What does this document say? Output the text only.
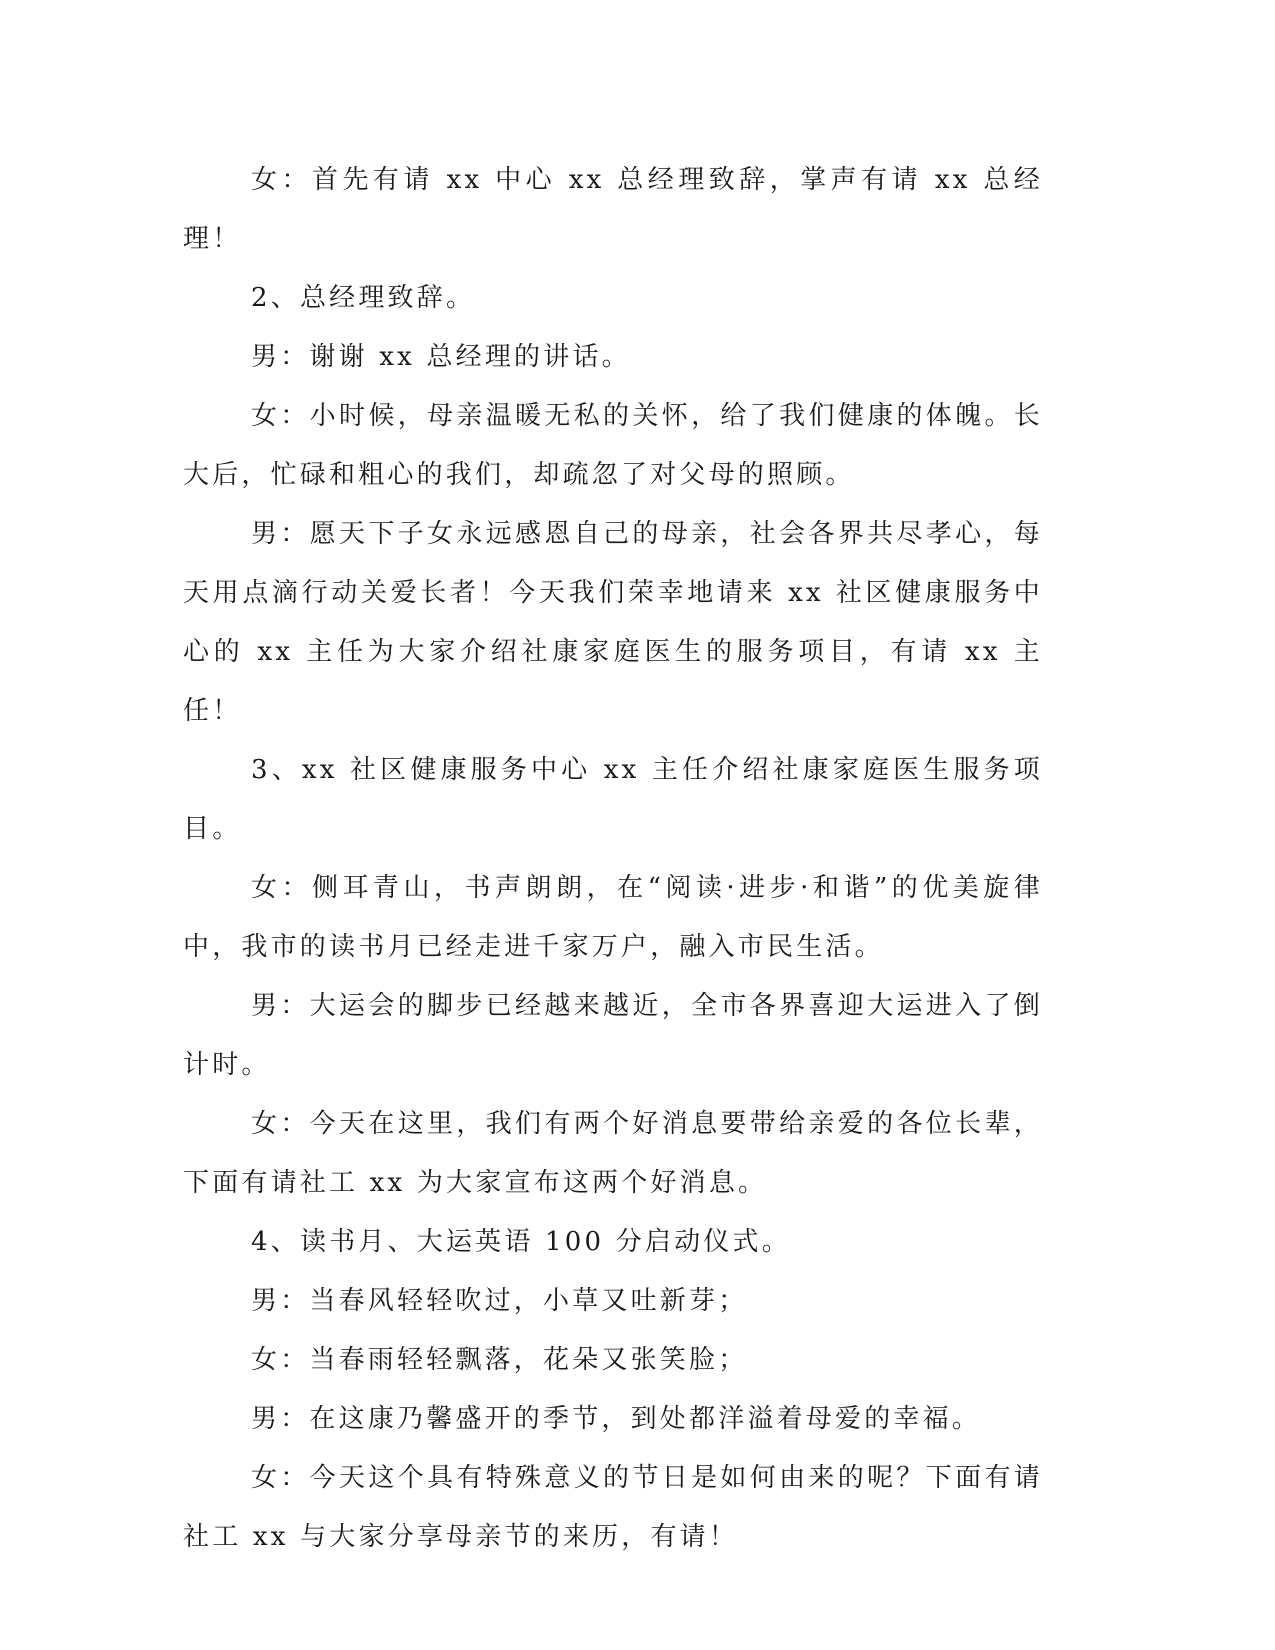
女：首先有请 xx 中心 xx 总经理致辞，掌声有请 xx 总经理！

2、总经理致辞。

男：谢谢 xx 总经理的讲话。

女：小时候，母亲温暖无私的关怀，给了我们健康的体魄。长大后，忙碌和粗心的我们，却疏忽了对父母的照顾。

男：愿天下子女永远感恩自己的母亲，社会各界共尽孝心，每天用点滴行动关爱长者！今天我们荣幸地请来 xx 社区健康服务中心的 xx 主任为大家介绍社康家庭医生的服务项目，有请 xx 主任！

3、xx 社区健康服务中心 xx 主任介绍社康家庭医生服务项目。

女：侧耳青山，书声朗朗，在“阅读·进步·和谐”的优美旋律中，我市的读书月已经走进千家万户，融入市民生活。

男：大运会的脚步已经越来越近，全市各界喜迎大运进入了倒计时。

女：今天在这里，我们有两个好消息要带给亲爱的各位长辈，下面有请社工 xx 为大家宣布这两个好消息。

4、读书月、大运英语 100 分启动仪式。

男：当春风轻轻吹过，小草又吐新芽；

女：当春雨轻轻飘落，花朵又张笑脸；

男：在这康乃馨盛开的季节，到处都洋溢着母爱的幸福。

女：今天这个具有特殊意义的节日是如何由来的呢？下面有请社工 xx 与大家分享母亲节的来历，有请！
